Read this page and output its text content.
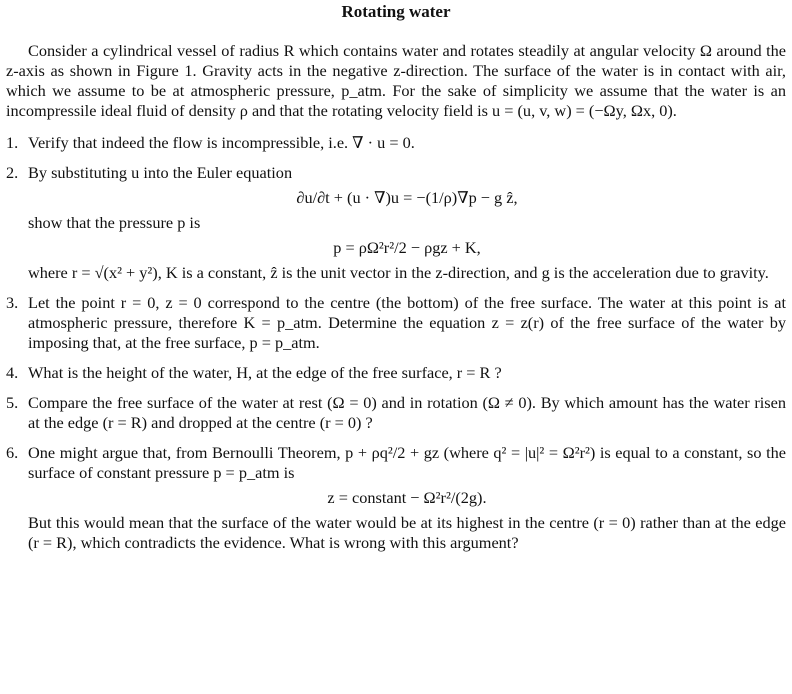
Rotating water

Consider a cylindrical vessel of radius R which contains water and rotates steadily at angular velocity Ω around the z-axis as shown in Figure 1. Gravity acts in the negative z-direction. The surface of the water is in contact with air, which we assume to be at atmospheric pressure, p_atm. For the sake of simplicity we assume that the water is an incompressile ideal fluid of density ρ and that the rotating velocity field is u = (u, v, w) = (−Ωy, Ωx, 0).

1. Verify that indeed the flow is incompressible, i.e. ∇ · u = 0.
2. By substituting u into the Euler equation
∂u/∂t + (u · ∇)u = −(1/ρ)∇p − g ẑ,
show that the pressure p is
p = ρΩ²r²/2 − ρgz + K,
where r = √(x² + y²), K is a constant, ẑ is the unit vector in the z-direction, and g is the acceleration due to gravity.
3. Let the point r = 0, z = 0 correspond to the centre (the bottom) of the free surface. The water at this point is at atmospheric pressure, therefore K = p_atm. Determine the equation z = z(r) of the free surface of the water by imposing that, at the free surface, p = p_atm.
4. What is the height of the water, H, at the edge of the free surface, r = R ?
5. Compare the free surface of the water at rest (Ω = 0) and in rotation (Ω ≠ 0). By which amount has the water risen at the edge (r = R) and dropped at the centre (r = 0) ?
6. One might argue that, from Bernoulli Theorem, p + ρq²/2 + gz (where q² = |u|² = Ω²r²) is equal to a constant, so the surface of constant pressure p = p_atm is
z = constant − Ω²r²/(2g).
But this would mean that the surface of the water would be at its highest in the centre (r = 0) rather than at the edge (r = R), which contradicts the evidence. What is wrong with this argument?
